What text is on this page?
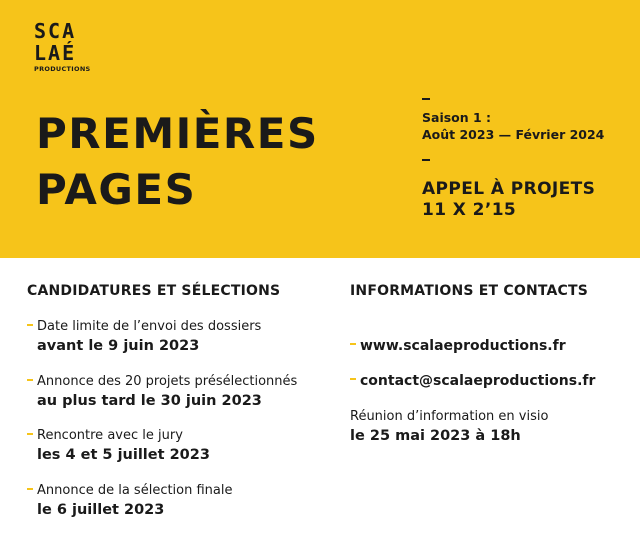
SCA
LAÉ
PRODUCTIONS
PREMIÈRES
PAGES
Saison 1 :
Août 2023 — Février 2024
APPEL À PROJETS
11 X 2’15
CANDIDATURES ET SÉLECTIONS
Date limite de l’envoi des dossiers
avant le 9 juin 2023
Annonce des 20 projets présélectionnés
au plus tard le 30 juin 2023
Rencontre avec le jury
les 4 et 5 juillet 2023
Annonce de la sélection finale
le 6 juillet 2023
INFORMATIONS ET CONTACTS
www.scalaeproductions.fr
contact@scalaeproductions.fr
Réunion d’information en visio
le 25 mai 2023 à 18h
